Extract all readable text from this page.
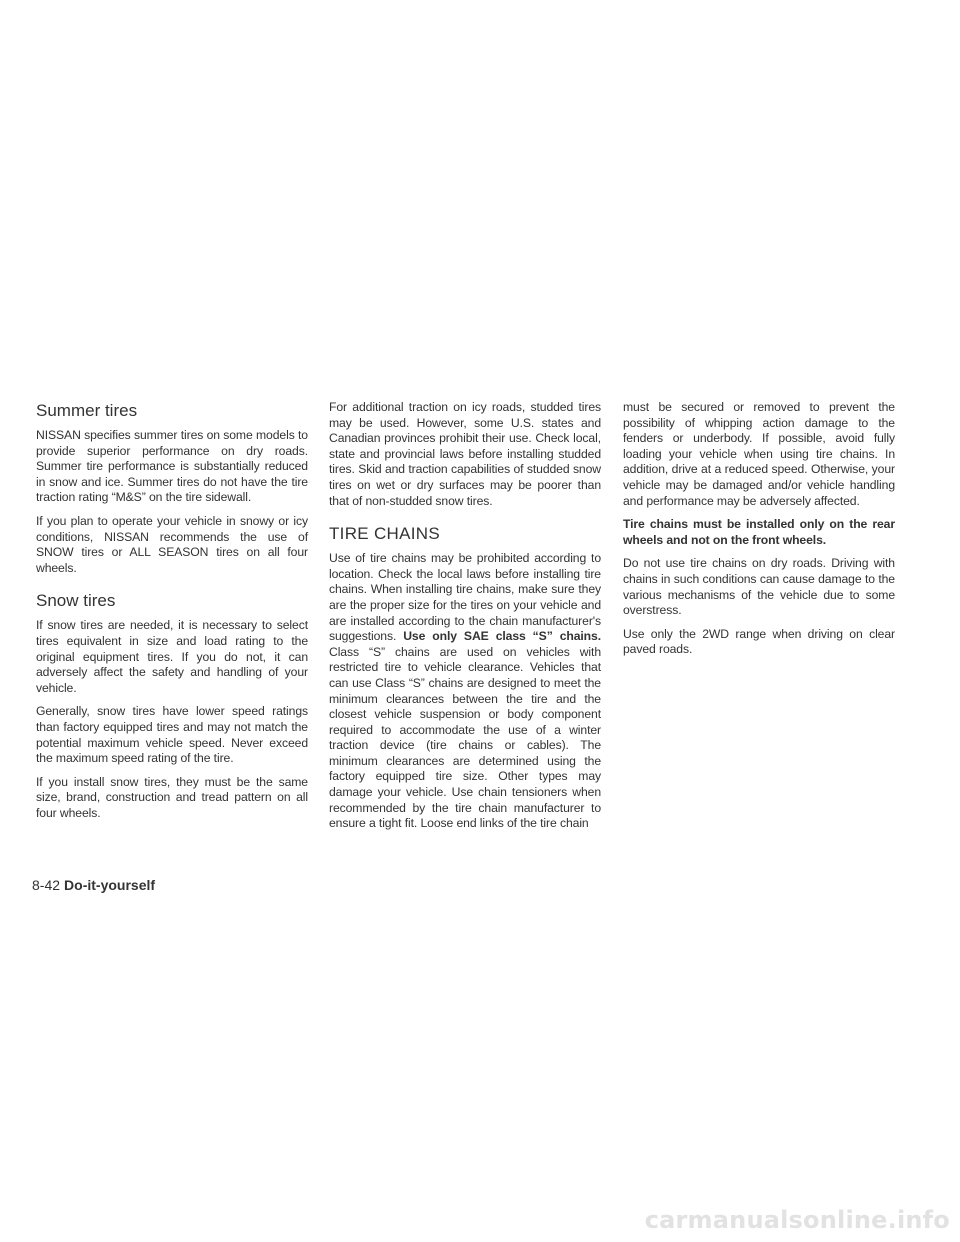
Summer tires

NISSAN specifies summer tires on some models to provide superior performance on dry roads. Summer tire performance is substantially reduced in snow and ice. Summer tires do not have the tire traction rating “M&S” on the tire sidewall.

If you plan to operate your vehicle in snowy or icy conditions, NISSAN recommends the use of SNOW tires or ALL SEASON tires on all four wheels.

Snow tires

If snow tires are needed, it is necessary to select tires equivalent in size and load rating to the original equipment tires. If you do not, it can adversely affect the safety and handling of your vehicle.

Generally, snow tires have lower speed ratings than factory equipped tires and may not match the potential maximum vehicle speed. Never exceed the maximum speed rating of the tire.

If you install snow tires, they must be the same size, brand, construction and tread pattern on all four wheels.

For additional traction on icy roads, studded tires may be used. However, some U.S. states and Canadian provinces prohibit their use. Check local, state and provincial laws before installing studded tires. Skid and traction capabilities of studded snow tires on wet or dry surfaces may be poorer than that of non-studded snow tires.

TIRE CHAINS

Use of tire chains may be prohibited according to location. Check the local laws before installing tire chains. When installing tire chains, make sure they are the proper size for the tires on your vehicle and are installed according to the chain manufacturer's suggestions. Use only SAE class “S” chains. Class “S” chains are used on vehicles with restricted tire to vehicle clearance. Vehicles that can use Class “S” chains are designed to meet the minimum clearances between the tire and the closest vehicle suspension or body component required to accommodate the use of a winter traction device (tire chains or cables). The minimum clearances are determined using the factory equipped tire size. Other types may damage your vehicle. Use chain tensioners when recommended by the tire chain manufacturer to ensure a tight fit. Loose end links of the tire chain

must be secured or removed to prevent the possibility of whipping action damage to the fenders or underbody. If possible, avoid fully loading your vehicle when using tire chains. In addition, drive at a reduced speed. Otherwise, your vehicle may be damaged and/or vehicle handling and performance may be adversely affected.

Tire chains must be installed only on the rear wheels and not on the front wheels.

Do not use tire chains on dry roads. Driving with chains in such conditions can cause damage to the various mechanisms of the vehicle due to some overstress.

Use only the 2WD range when driving on clear paved roads.

8-42 Do-it-yourself
carmanualsonline.info
